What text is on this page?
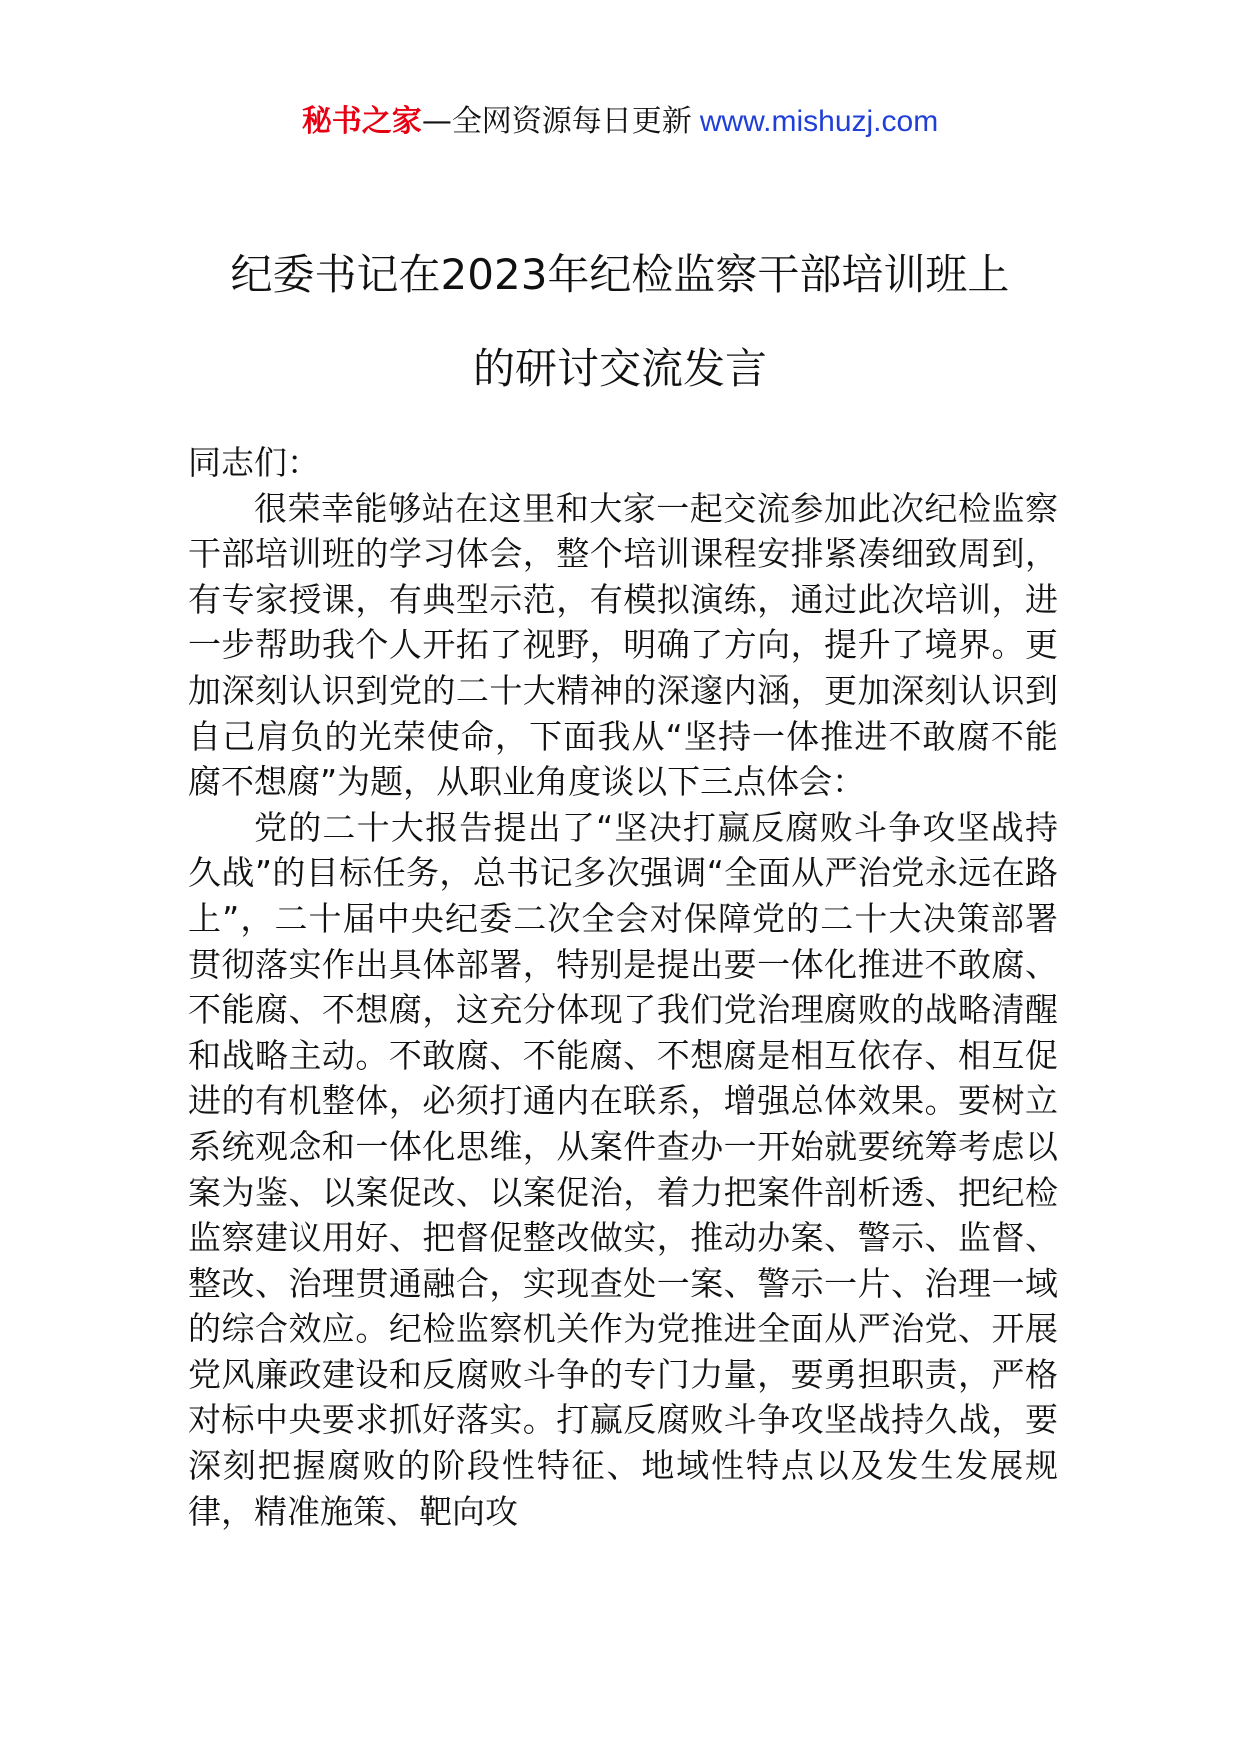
秘书之家—全网资源每日更新 www.mishuzj.com
纪委书记在2023年纪检监察干部培训班上
的研讨交流发言

同志们：

很荣幸能够站在这里和大家一起交流参加此次纪检监察干部培训班的学习体会，整个培训课程安排紧凑细致周到，有专家授课，有典型示范，有模拟演练，通过此次培训，进一步帮助我个人开拓了视野，明确了方向，提升了境界。更加深刻认识到党的二十大精神的深邃内涵，更加深刻认识到自己肩负的光荣使命，下面我从“坚持一体推进不敢腐不能腐不想腐”为题，从职业角度谈以下三点体会：

党的二十大报告提出了“坚决打赢反腐败斗争攻坚战持久战”的目标任务，总书记多次强调“全面从严治党永远在路上”，二十届中央纪委二次全会对保障党的二十大决策部署贯彻落实作出具体部署，特别是提出要一体化推进不敢腐、不能腐、不想腐，这充分体现了我们党治理腐败的战略清醒和战略主动。不敢腐、不能腐、不想腐是相互依存、相互促进的有机整体，必须打通内在联系，增强总体效果。要树立系统观念和一体化思维，从案件查办一开始就要统筹考虑以案为鉴、以案促改、以案促治，着力把案件剖析透、把纪检监察建议用好、把督促整改做实，推动办案、警示、监督、整改、治理贯通融合，实现查处一案、警示一片、治理一域的综合效应。纪检监察机关作为党推进全面从严治党、开展党风廉政建设和反腐败斗争的专门力量，要勇担职责，严格对标中央要求抓好落实。打赢反腐败斗争攻坚战持久战，要深刻把握腐败的阶段性特征、地域性特点以及发生发展规律，精准施策、靶向攻
